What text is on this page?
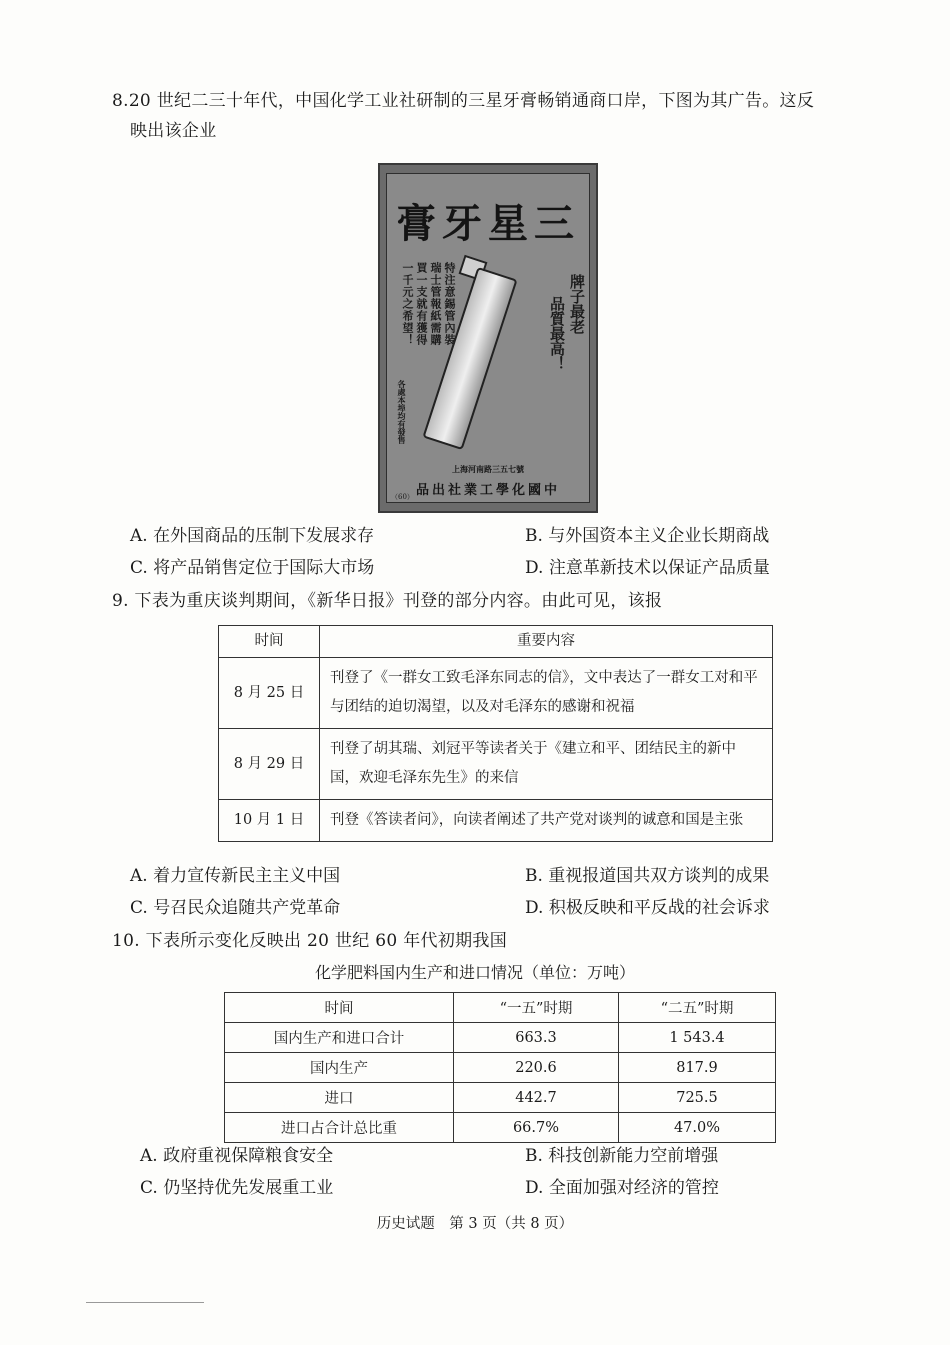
8.20 世纪二三十年代，中国化学工业社研制的三星牙膏畅销通商口岸，下图为其广告。这反
映出该企业
膏牙星三
一千元之希望！ 買一支就有獲得 瑞士管報紙需購 特注意錫管內裝	品質最高！ 牌子最老
各處本埠均有發售
上海河南路三五七號
品出社業工學化國中
（60）
A. 在外国商品的压制下发展求存	B. 与外国资本主义企业长期商战
C. 将产品销售定位于国际大市场	D. 注意革新技术以保证产品质量
9. 下表为重庆谈判期间，《新华日报》刊登的部分内容。由此可见，该报
时间	重要内容
8 月 25 日	刊登了《一群女工致毛泽东同志的信》，文中表达了一群女工对和平与团结的迫切渴望，以及对毛泽东的感谢和祝福
8 月 29 日	刊登了胡其瑞、刘冠平等读者关于《建立和平、团结民主的新中国，欢迎毛泽东先生》的来信
10 月 1 日	刊登《答读者问》，向读者阐述了共产党对谈判的诚意和国是主张
A. 着力宣传新民主主义中国	B. 重视报道国共双方谈判的成果
C. 号召民众追随共产党革命	D. 积极反映和平反战的社会诉求
10. 下表所示变化反映出 20 世纪 60 年代初期我国
化学肥料国内生产和进口情况（单位：万吨）
时间	“一五”时期	“二五”时期
国内生产和进口合计	663.3	1 543.4
国内生产	220.6	817.9
进口	442.7	725.5
进口占合计总比重	66.7%	47.0%
A. 政府重视保障粮食安全	B. 科技创新能力空前增强
C. 仍坚持优先发展重工业	D. 全面加强对经济的管控
历史试题　第 3 页（共 8 页）
